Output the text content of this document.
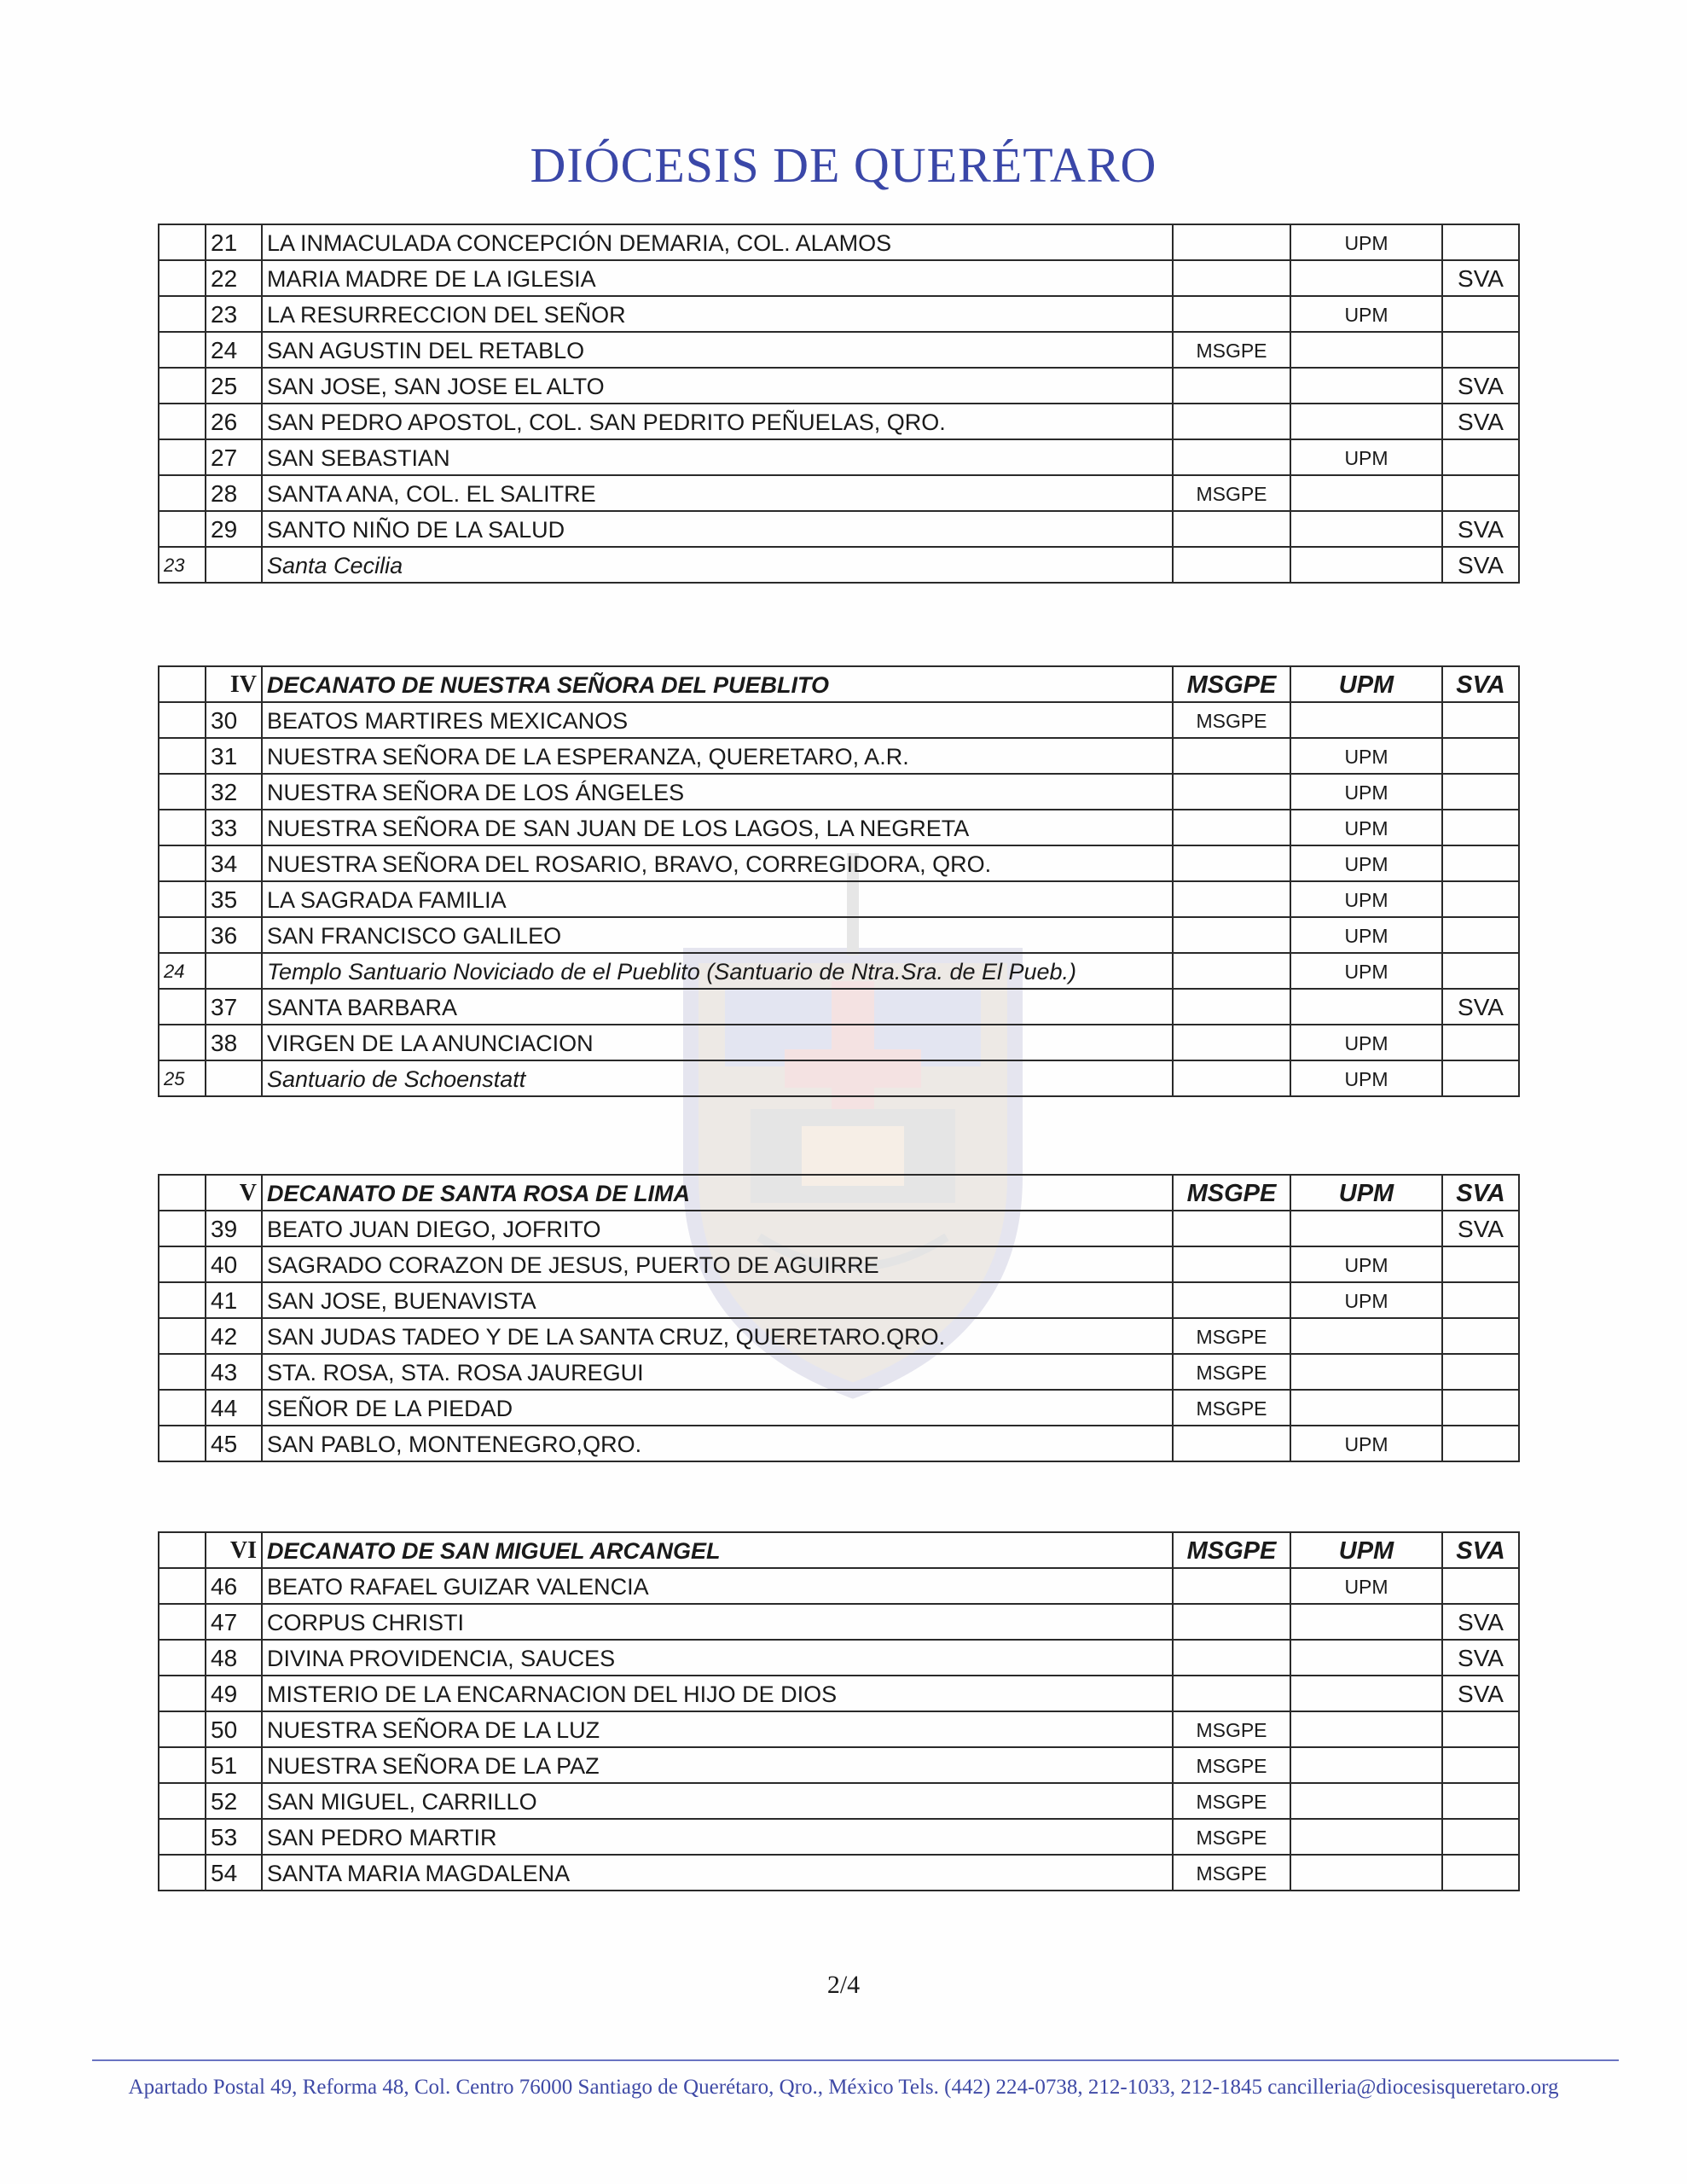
DIÓCESIS DE QUERÉTARO
	21	LA INMACULADA CONCEPCIÓN DEMARIA, COL. ALAMOS		UPM	
	22	MARIA MADRE DE LA IGLESIA			SVA
	23	LA RESURRECCION DEL SEÑOR		UPM	
	24	SAN AGUSTIN DEL RETABLO	MSGPE		
	25	SAN JOSE, SAN JOSE EL ALTO			SVA
	26	SAN PEDRO APOSTOL, COL. SAN PEDRITO PEÑUELAS, QRO.			SVA
	27	SAN SEBASTIAN		UPM	
	28	SANTA ANA, COL. EL SALITRE	MSGPE		
	29	SANTO NIÑO DE LA SALUD			SVA
23		Santa Cecilia			SVA
	IV	DECANATO DE NUESTRA SEÑORA DEL PUEBLITO	MSGPE	UPM	SVA
	30	BEATOS MARTIRES MEXICANOS	MSGPE		
	31	NUESTRA SEÑORA DE LA ESPERANZA, QUERETARO, A.R.		UPM	
	32	NUESTRA SEÑORA DE LOS ÁNGELES		UPM	
	33	NUESTRA SEÑORA DE SAN JUAN DE LOS LAGOS, LA NEGRETA		UPM	
	34	NUESTRA SEÑORA DEL ROSARIO, BRAVO, CORREGIDORA, QRO.		UPM	
	35	LA SAGRADA FAMILIA		UPM	
	36	SAN FRANCISCO GALILEO		UPM	
24		Templo Santuario Noviciado de el Pueblito (Santuario de Ntra.Sra. de El Pueb.)		UPM	
	37	SANTA BARBARA			SVA
	38	VIRGEN DE LA ANUNCIACION		UPM	
25		Santuario de Schoenstatt		UPM	
	V	DECANATO DE SANTA ROSA DE LIMA	MSGPE	UPM	SVA
	39	BEATO JUAN DIEGO, JOFRITO			SVA
	40	SAGRADO CORAZON DE JESUS, PUERTO DE AGUIRRE		UPM	
	41	SAN JOSE, BUENAVISTA		UPM	
	42	SAN JUDAS TADEO Y DE LA SANTA CRUZ, QUERETARO.QRO.	MSGPE		
	43	STA. ROSA, STA. ROSA JAUREGUI	MSGPE		
	44	SEÑOR DE LA PIEDAD	MSGPE		
	45	SAN PABLO, MONTENEGRO,QRO.		UPM	
	VI	DECANATO DE SAN MIGUEL ARCANGEL	MSGPE	UPM	SVA
	46	BEATO RAFAEL GUIZAR VALENCIA		UPM	
	47	CORPUS CHRISTI			SVA
	48	DIVINA PROVIDENCIA, SAUCES			SVA
	49	MISTERIO DE LA ENCARNACION DEL HIJO DE DIOS			SVA
	50	NUESTRA SEÑORA DE LA LUZ	MSGPE		
	51	NUESTRA SEÑORA DE LA PAZ	MSGPE		
	52	SAN MIGUEL, CARRILLO	MSGPE		
	53	SAN PEDRO MARTIR	MSGPE		
	54	SANTA MARIA MAGDALENA	MSGPE		
2/4
Apartado Postal 49, Reforma 48, Col. Centro 76000 Santiago de Querétaro, Qro., México Tels. (442) 224-0738, 212-1033, 212-1845 cancilleria@diocesisqueretaro.org
